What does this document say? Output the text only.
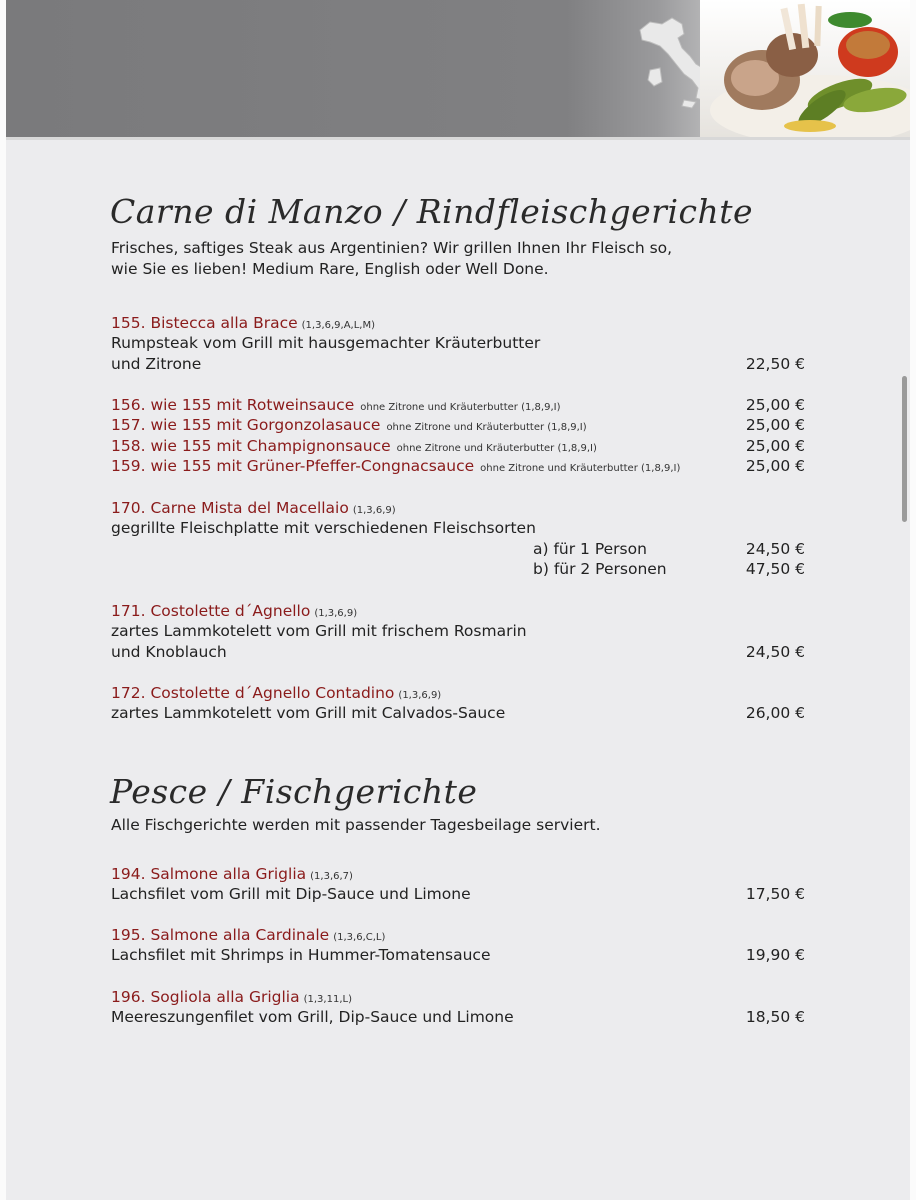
Carne di Manzo / Rindfleischgerichte

Frisches, saftiges Steak aus Argentinien? Wir grillen Ihnen Ihr Fleisch so,

wie Sie es lieben! Medium Rare, English oder Well Done.

155. Bistecca alla Brace (1,3,6,9,A,L,M)
Rumpsteak vom Grill mit hausgemachter Kräuterbutter
und Zitrone	22,50 €
156. wie 155 mit Rotweinsauce ohne Zitrone und Kräuterbutter (1,8,9,I)	25,00 €
157. wie 155 mit Gorgonzolasauce ohne Zitrone und Kräuterbutter (1,8,9,I)	25,00 €
158. wie 155 mit Champignonsauce ohne Zitrone und Kräuterbutter (1,8,9,I)	25,00 €
159. wie 155 mit Grüner-Pfeffer-Congnacsauce ohne Zitrone und Kräuterbutter (1,8,9,I)	25,00 €
170. Carne Mista del Macellaio (1,3,6,9)
gegrillte Fleischplatte mit verschiedenen Fleischsorten
a) für 1 Person	24,50 €
b) für 2 Personen	47,50 €
171. Costolette d´Agnello (1,3,6,9)
zartes Lammkotelett vom Grill mit frischem Rosmarin
und Knoblauch	24,50 €
172. Costolette d´Agnello Contadino (1,3,6,9)
zartes Lammkotelett vom Grill mit Calvados-Sauce	26,00 €
Pesce / Fischgerichte

Alle Fischgerichte werden mit passender Tagesbeilage serviert.

194. Salmone alla Griglia (1,3,6,7)
Lachsfilet vom Grill mit Dip-Sauce und Limone	17,50 €
195. Salmone alla Cardinale (1,3,6,C,L)
Lachsfilet mit Shrimps in Hummer-Tomatensauce	19,90 €
196. Sogliola alla Griglia (1,3,11,L)
Meereszungenfilet vom Grill, Dip-Sauce und Limone	18,50 €
